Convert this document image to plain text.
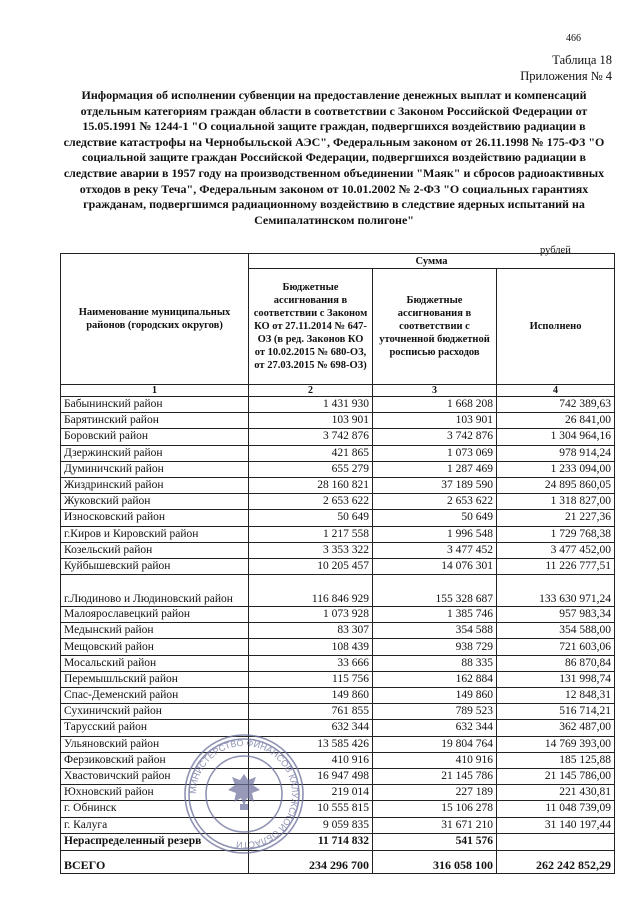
466
Таблица 18
Приложения № 4
Информация об исполнении субвенции на предоставление денежных выплат и компенсаций отдельным категориям граждан области в соответствии с Законом Российской Федерации от 15.05.1991 № 1244-1 "О социальной защите граждан, подвергшихся воздействию радиации в следствие катастрофы на Чернобыльской АЭС", Федеральным законом от 26.11.1998 № 175-ФЗ "О социальной защите граждан Российской Федерации, подвергшихся воздействию радиации в следствие аварии в 1957 году на производственном объединении "Маяк" и сбросов радиоактивных отходов в реку Теча", Федеральным законом от 10.01.2002 № 2-ФЗ "О социальных гарантиях гражданам, подвергшимся радиационному воздействию в следствие ядерных испытаний на Семипалатинском полигоне"
рублей
Наименование муниципальных районов (городских округов)	Сумма		
	Бюджетные ассигнования в соответствии с Законом КО от 27.11.2014 № 647-ОЗ (в ред. Законов КО от 10.02.2015 № 680-ОЗ, от 27.03.2015 № 698-ОЗ)	Бюджетные ассигнования в соответствии с уточненной бюджетной росписью расходов	Исполнено
1	2	3	4
Бабынинский район	1 431 930	1 668 208	742 389,63
Барятинский район	103 901	103 901	26 841,00
Боровский район	3 742 876	3 742 876	1 304 964,16
Дзержинский район	421 865	1 073 069	978 914,24
Думиничский район	655 279	1 287 469	1 233 094,00
Жиздринский район	28 160 821	37 189 590	24 895 860,05
Жуковский район	2 653 622	2 653 622	1 318 827,00
Износковский район	50 649	50 649	21 227,36
г.Киров и Кировский район	1 217 558	1 996 548	1 729 768,38
Козельский район	3 353 322	3 477 452	3 477 452,00
Куйбышевский район	10 205 457	14 076 301	11 226 777,51
г.Людиново и Людиновский район	116 846 929	155 328 687	133 630 971,24
Малоярославецкий район	1 073 928	1 385 746	957 983,34
Медынский район	83 307	354 588	354 588,00
Мещовский район	108 439	938 729	721 603,06
Мосальский район	33 666	88 335	86 870,84
Перемышльский район	115 756	162 884	131 998,74
Спас-Деменский район	149 860	149 860	12 848,31
Сухиничский район	761 855	789 523	516 714,21
Тарусский район	632 344	632 344	362 487,00
Ульяновский район	13 585 426	19 804 764	14 769 393,00
Ферзиковский район	410 916	410 916	185 125,88
Хвастовичский район	16 947 498	21 145 786	21 145 786,00
Юхновский район	219 014	227 189	221 430,81
г. Обнинск	10 555 815	15 106 278	11 048 739,09
г. Калуга	9 059 835	31 671 210	31 140 197,44
Нераспределенный резерв	11 714 832	541 576	
ВСЕГО	234 296 700	316 058 100	262 242 852,29
МИНИСТЕРСТВО ФИНАНСОВ КАЛУЖСКОЙ ОБЛАСТИ
